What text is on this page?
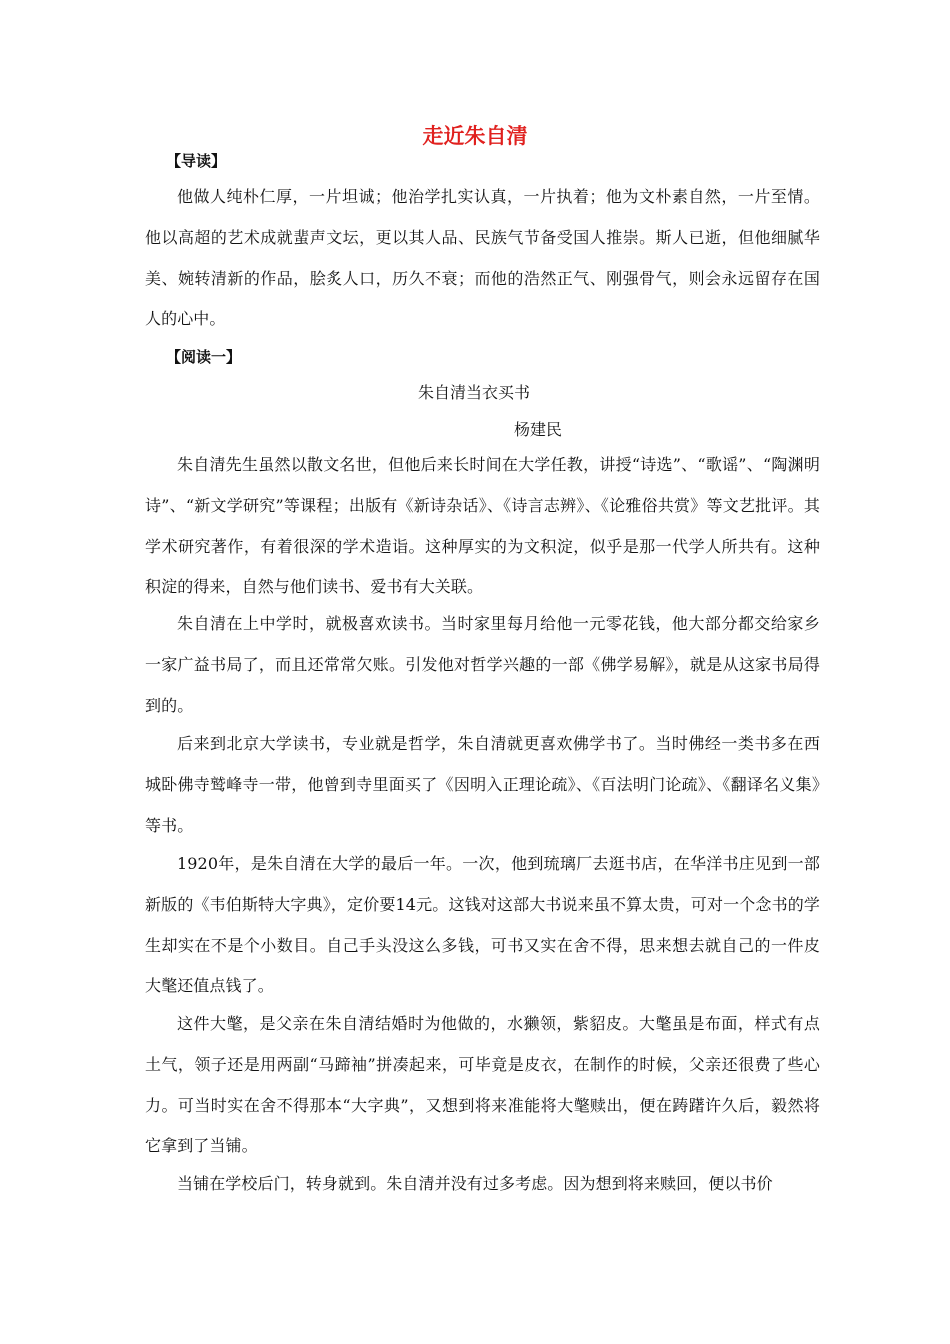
走近朱自清

【导读】

他做人纯朴仁厚，一片坦诚；他治学扎实认真，一片执着；他为文朴素自然，一片至情。他以高超的艺术成就蜚声文坛，更以其人品、民族气节备受国人推崇。斯人已逝，但他细腻华美、婉转清新的作品，脍炙人口，历久不衰；而他的浩然正气、刚强骨气，则会永远留存在国人的心中。

【阅读一】

朱自清当衣买书

杨建民

朱自清先生虽然以散文名世，但他后来长时间在大学任教，讲授“诗选”、“歌谣”、“陶渊明诗”、“新文学研究”等课程；出版有《新诗杂话》、《诗言志辨》、《论雅俗共赏》等文艺批评。其学术研究著作，有着很深的学术造诣。这种厚实的为文积淀，似乎是那一代学人所共有。这种积淀的得来，自然与他们读书、爱书有大关联。

朱自清在上中学时，就极喜欢读书。当时家里每月给他一元零花钱，他大部分都交给家乡一家广益书局了，而且还常常欠账。引发他对哲学兴趣的一部《佛学易解》，就是从这家书局得到的。

后来到北京大学读书，专业就是哲学，朱自清就更喜欢佛学书了。当时佛经一类书多在西城卧佛寺鹫峰寺一带，他曾到寺里面买了《因明入正理论疏》、《百法明门论疏》、《翻译名义集》等书。

1920年，是朱自清在大学的最后一年。一次，他到琉璃厂去逛书店，在华洋书庄见到一部新版的《韦伯斯特大字典》，定价要14元。这钱对这部大书说来虽不算太贵，可对一个念书的学生却实在不是个小数目。自己手头没这么多钱，可书又实在舍不得，思来想去就自己的一件皮大氅还值点钱了。

这件大氅，是父亲在朱自清结婚时为他做的，水獭领，紫貂皮。大氅虽是布面，样式有点土气，领子还是用两副“马蹄袖”拼凑起来，可毕竟是皮衣，在制作的时候，父亲还很费了些心力。可当时实在舍不得那本“大字典”，又想到将来准能将大氅赎出，便在踌躇许久后，毅然将它拿到了当铺。

当铺在学校后门，转身就到。朱自清并没有过多考虑。因为想到将来赎回，便以书价
